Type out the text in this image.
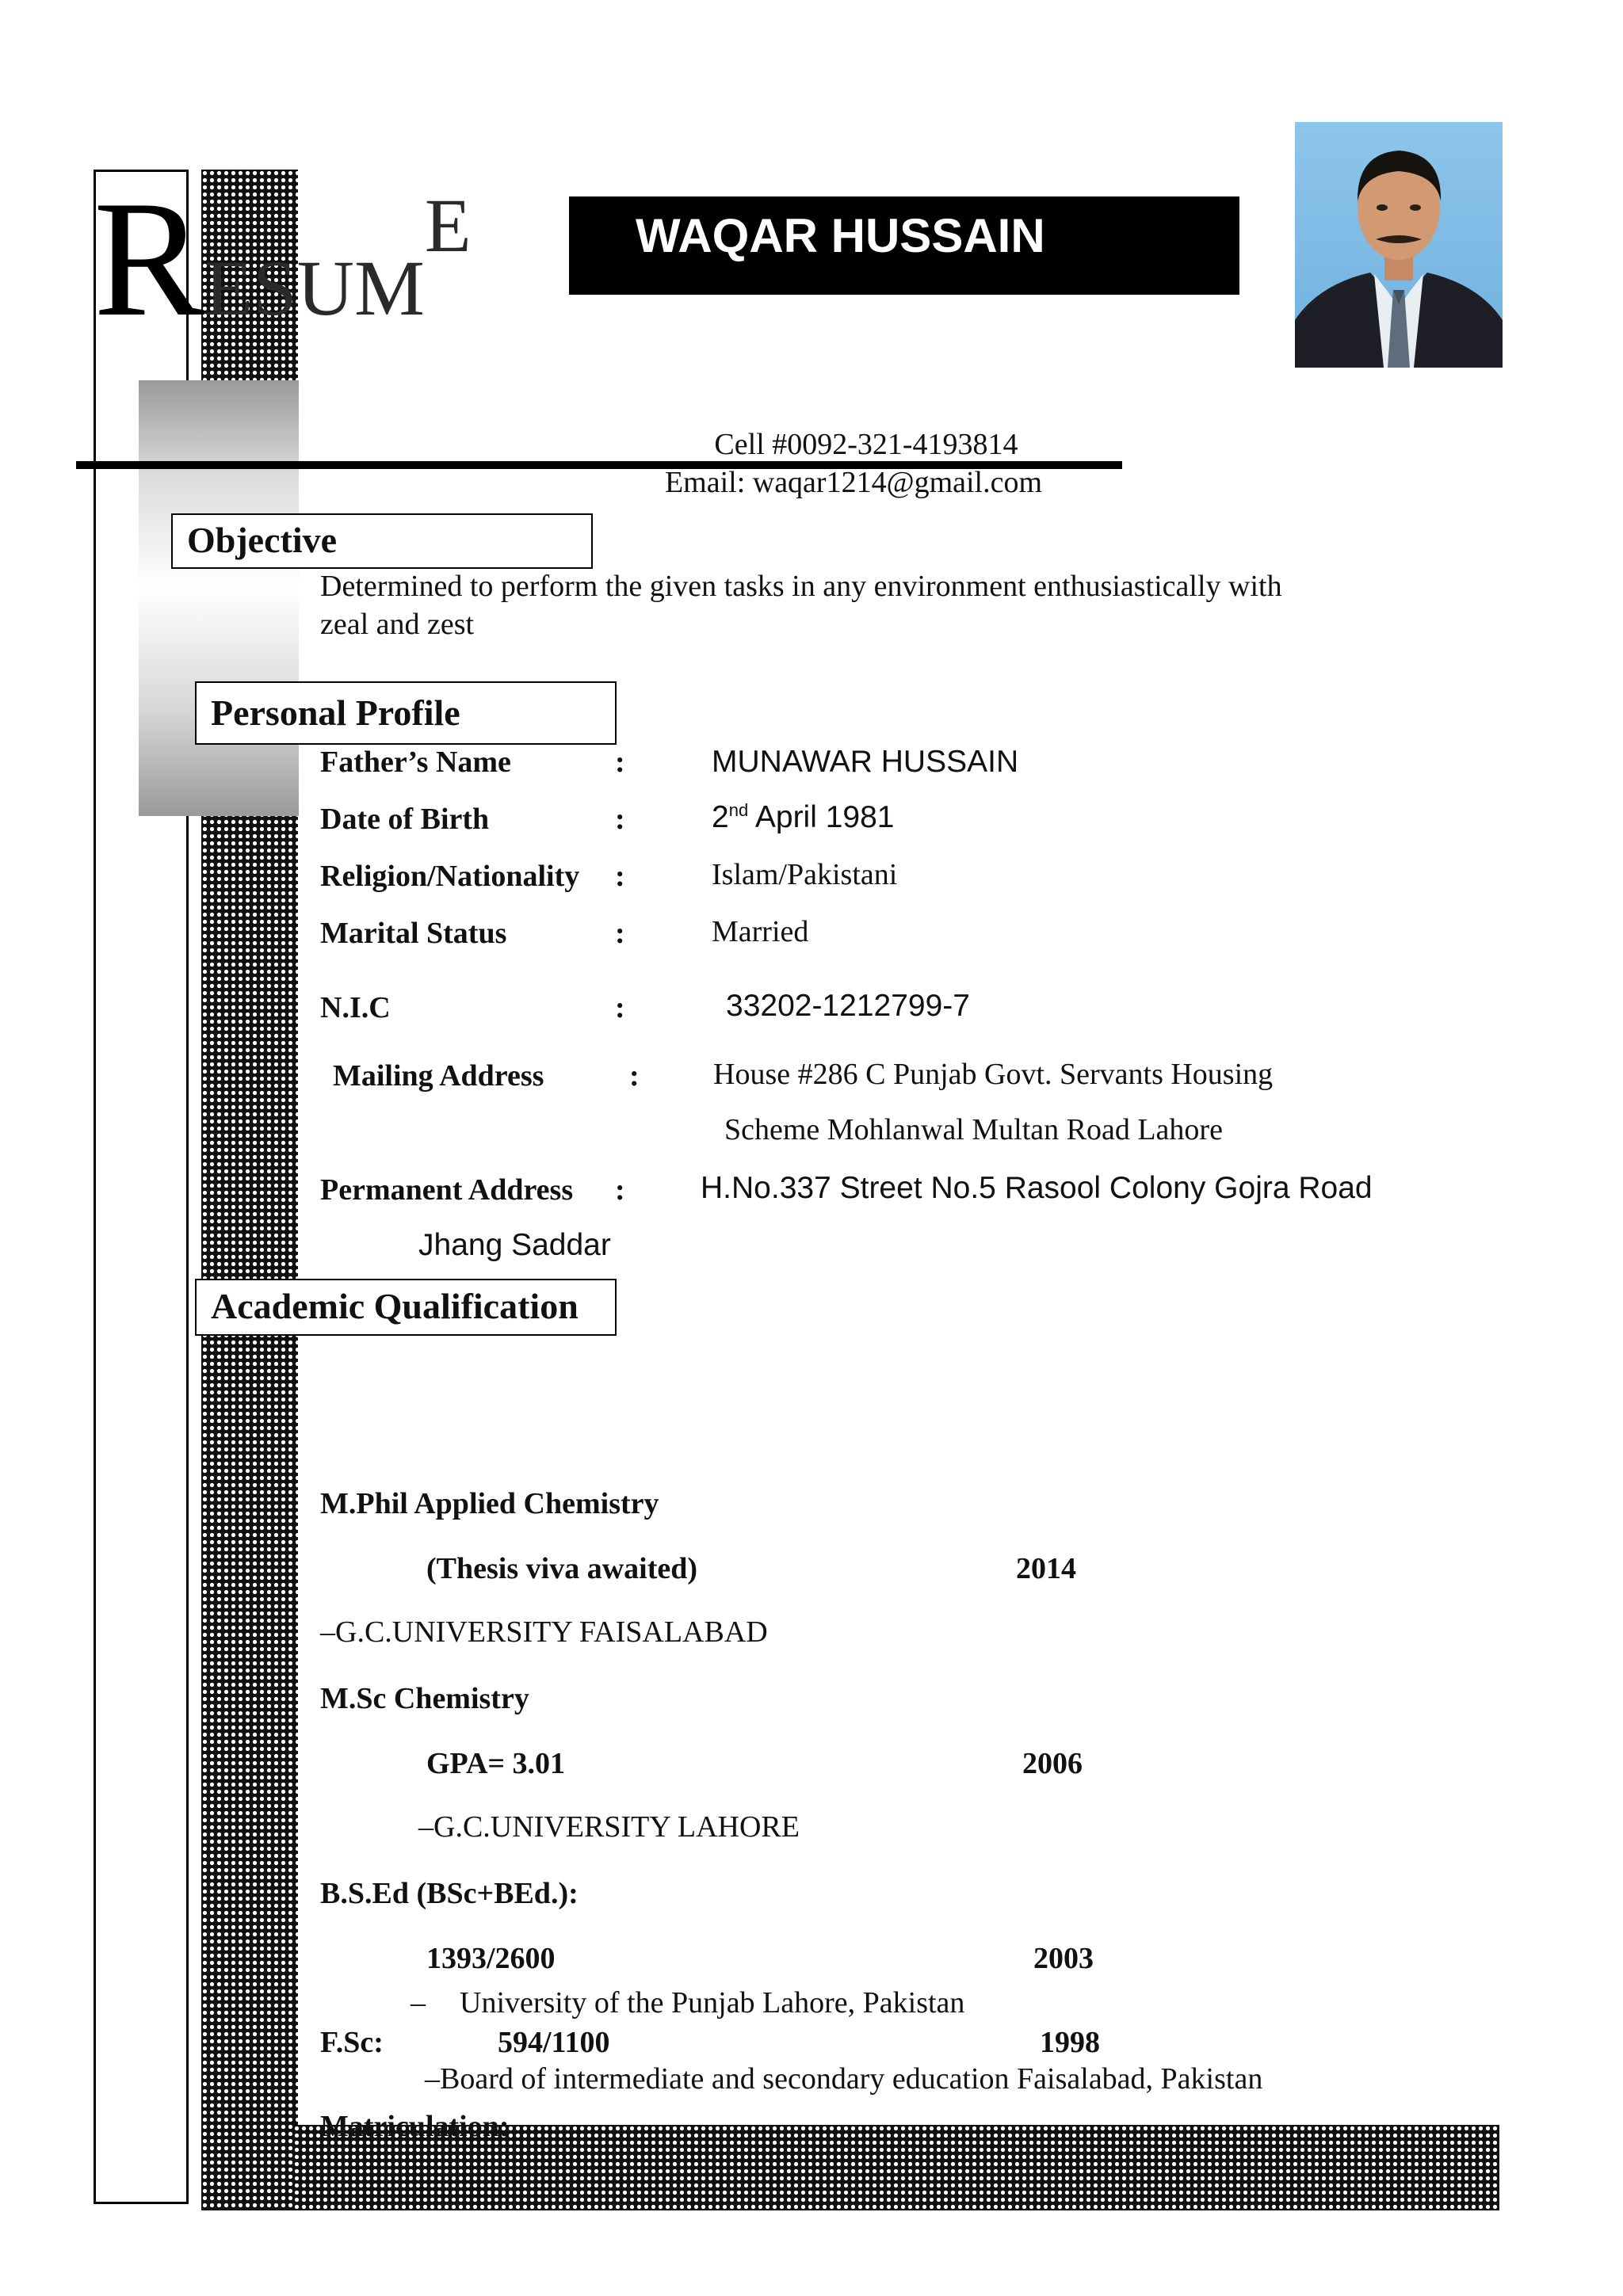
RESUME	WAQAR HUSSAIN
Cell #0092-321-4193814
Email: waqar1214@gmail.com
Objective
Determined to perform the given tasks in any environment enthusiastically with
zeal and zest
Personal Profile
Father’s Name	:	MUNAWAR HUSSAIN
Date of Birth	:	2nd April 1981
Religion/Nationality :	Islam/Pakistani
Marital Status	:	Married
N.I.C	:	33202-1212799-7
Mailing Address	: House #286 C Punjab Govt. Servants Housing
Scheme Mohlanwal Multan Road Lahore
Permanent Address : H.No.337 Street No.5 Rasool Colony Gojra Road
Jhang Saddar
Academic Qualification
M.Phil Applied Chemistry
(Thesis viva awaited)	2014
–G.C.UNIVERSITY FAISALABAD
M.Sc Chemistry
GPA= 3.01	2006
–G.C.UNIVERSITY LAHORE
B.S.Ed (BSc+BEd.):
1393/2600	2003
– University of the Punjab Lahore, Pakistan
F.Sc:	594/1100	1998
–Board of intermediate and secondary education Faisalabad, Pakistan
